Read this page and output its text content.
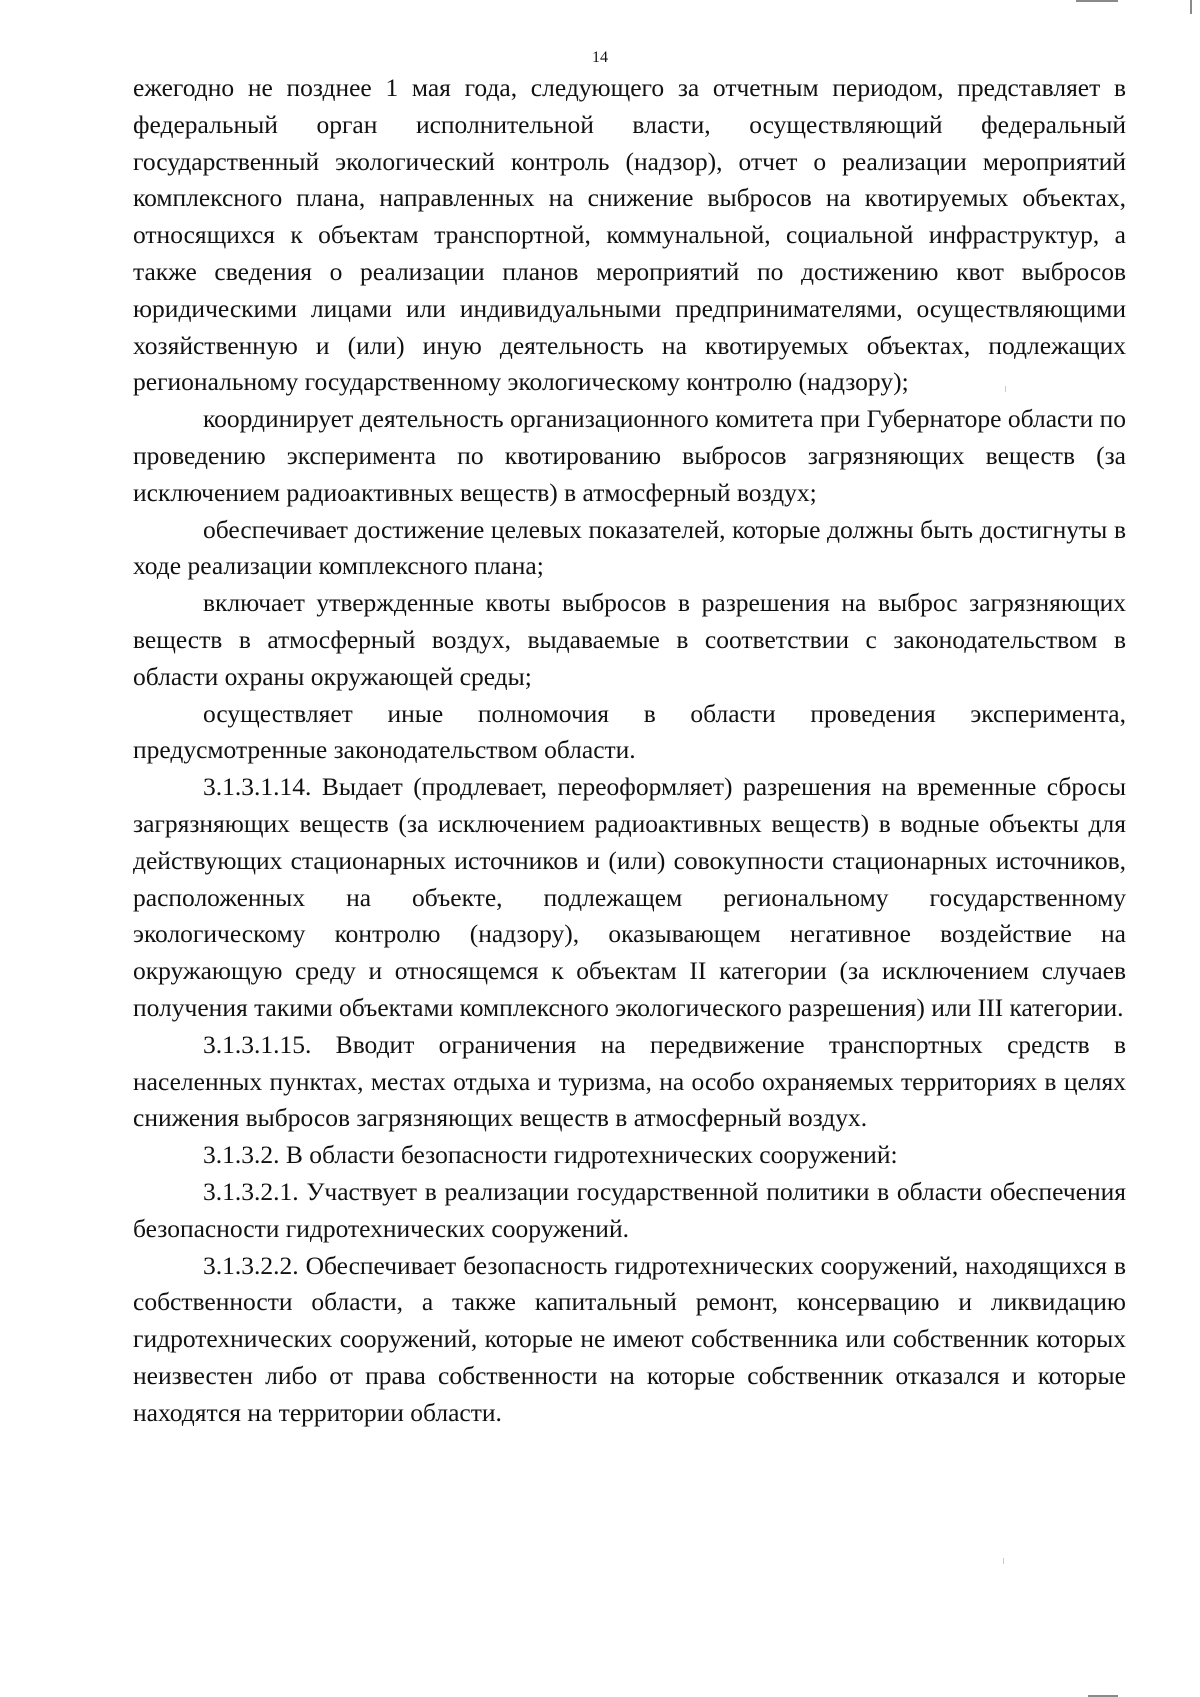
14

ежегодно не позднее 1 мая года, следующего за отчетным периодом, представляет в федеральный орган исполнительной власти, осуществляющий федеральный государственный экологический контроль (надзор), отчет о реализации мероприятий комплексного плана, направленных на снижение выбросов на квотируемых объектах, относящихся к объектам транспортной, коммунальной, социальной инфраструктур, а также сведения о реализации планов мероприятий по достижению квот выбросов юридическими лицами или индивидуальными предпринимателями, осуществляющими хозяйственную и (или) иную деятельность на квотируемых объектах, подлежащих региональному государственному экологическому контролю (надзору);

координирует деятельность организационного комитета при Губернаторе области по проведению эксперимента по квотированию выбросов загрязняющих веществ (за исключением радиоактивных веществ) в атмосферный воздух;

обеспечивает достижение целевых показателей, которые должны быть достигнуты в ходе реализации комплексного плана;

включает утвержденные квоты выбросов в разрешения на выброс загрязняющих веществ в атмосферный воздух, выдаваемые в соответствии с законодательством в области охраны окружающей среды;

осуществляет иные полномочия в области проведения эксперимента, предусмотренные законодательством области.

3.1.3.1.14. Выдает (продлевает, переоформляет) разрешения на временные сбросы загрязняющих веществ (за исключением радиоактивных веществ) в водные объекты для действующих стационарных источников и (или) совокупности стационарных источников, расположенных на объекте, подлежащем региональному государственному экологическому контролю (надзору), оказывающем негативное воздействие на окружающую среду и относящемся к объектам II категории (за исключением случаев получения такими объектами комплексного экологического разрешения) или III категории.

3.1.3.1.15. Вводит ограничения на передвижение транспортных средств в населенных пунктах, местах отдыха и туризма, на особо охраняемых территориях в целях снижения выбросов загрязняющих веществ в атмосферный воздух.

3.1.3.2. В области безопасности гидротехнических сооружений:

3.1.3.2.1. Участвует в реализации государственной политики в области обеспечения безопасности гидротехнических сооружений.

3.1.3.2.2. Обеспечивает безопасность гидротехнических сооружений, находящихся в собственности области, а также капитальный ремонт, консервацию и ликвидацию гидротехнических сооружений, которые не имеют собственника или собственник которых неизвестен либо от права собственности на которые собственник отказался и которые находятся на территории области.
